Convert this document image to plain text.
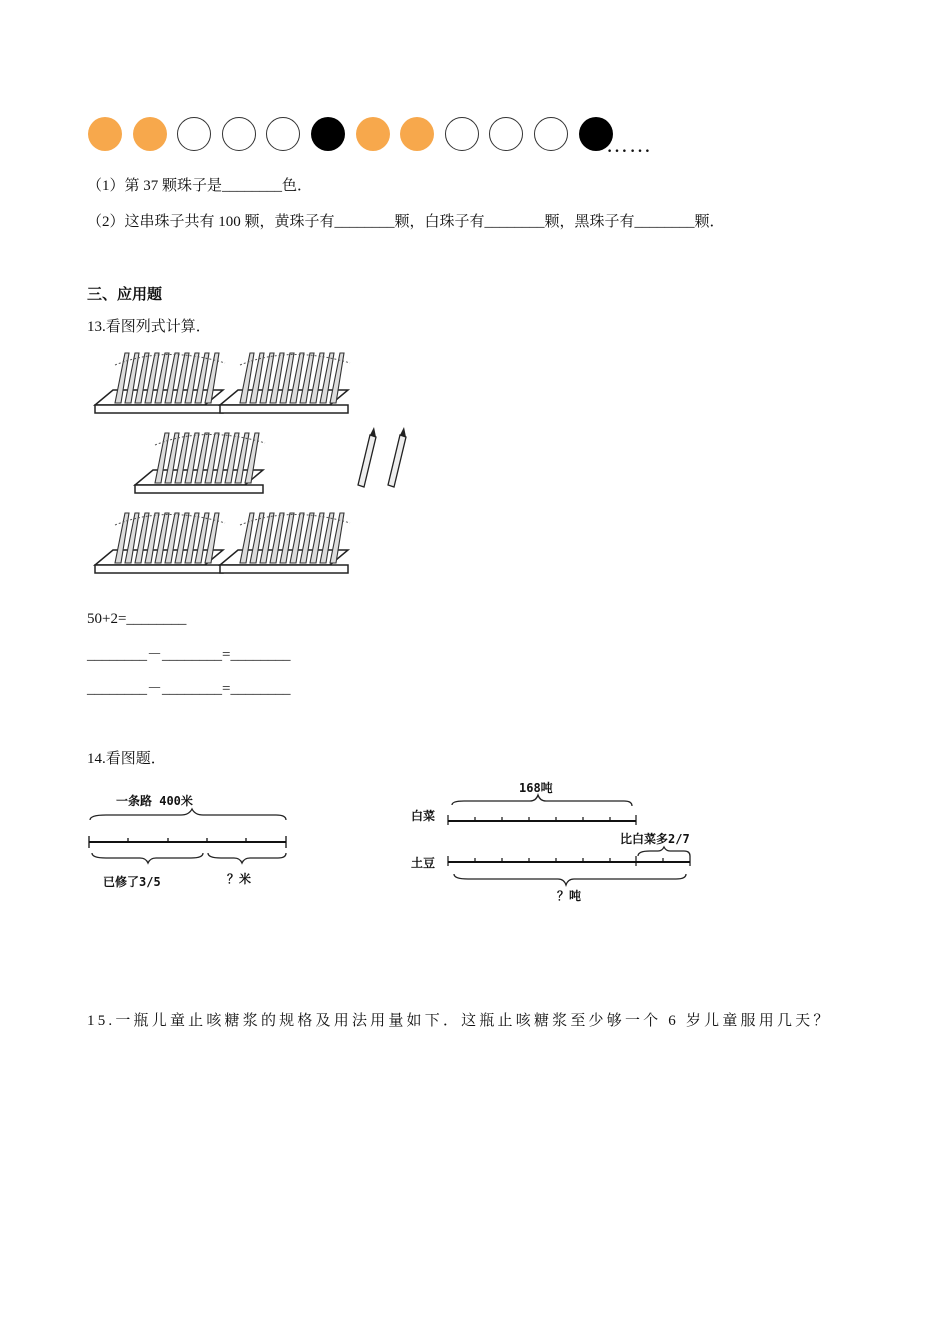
……
（1）第 37 颗珠子是________色．
（2）这串珠子共有 100 颗，黄珠子有________颗，白珠子有________颗，黑珠子有________颗．
三、应用题
13.看图列式计算．
50+2=________
________－________=________
________－________=________
14.看图题．
一条路 400米
已修了3/5	？米
168吨
白菜
比白菜多2/7
土豆
？吨
15.一瓶儿童止咳糖浆的规格及用法用量如下．这瓶止咳糖浆至少够一个 6 岁儿童服用几天？
